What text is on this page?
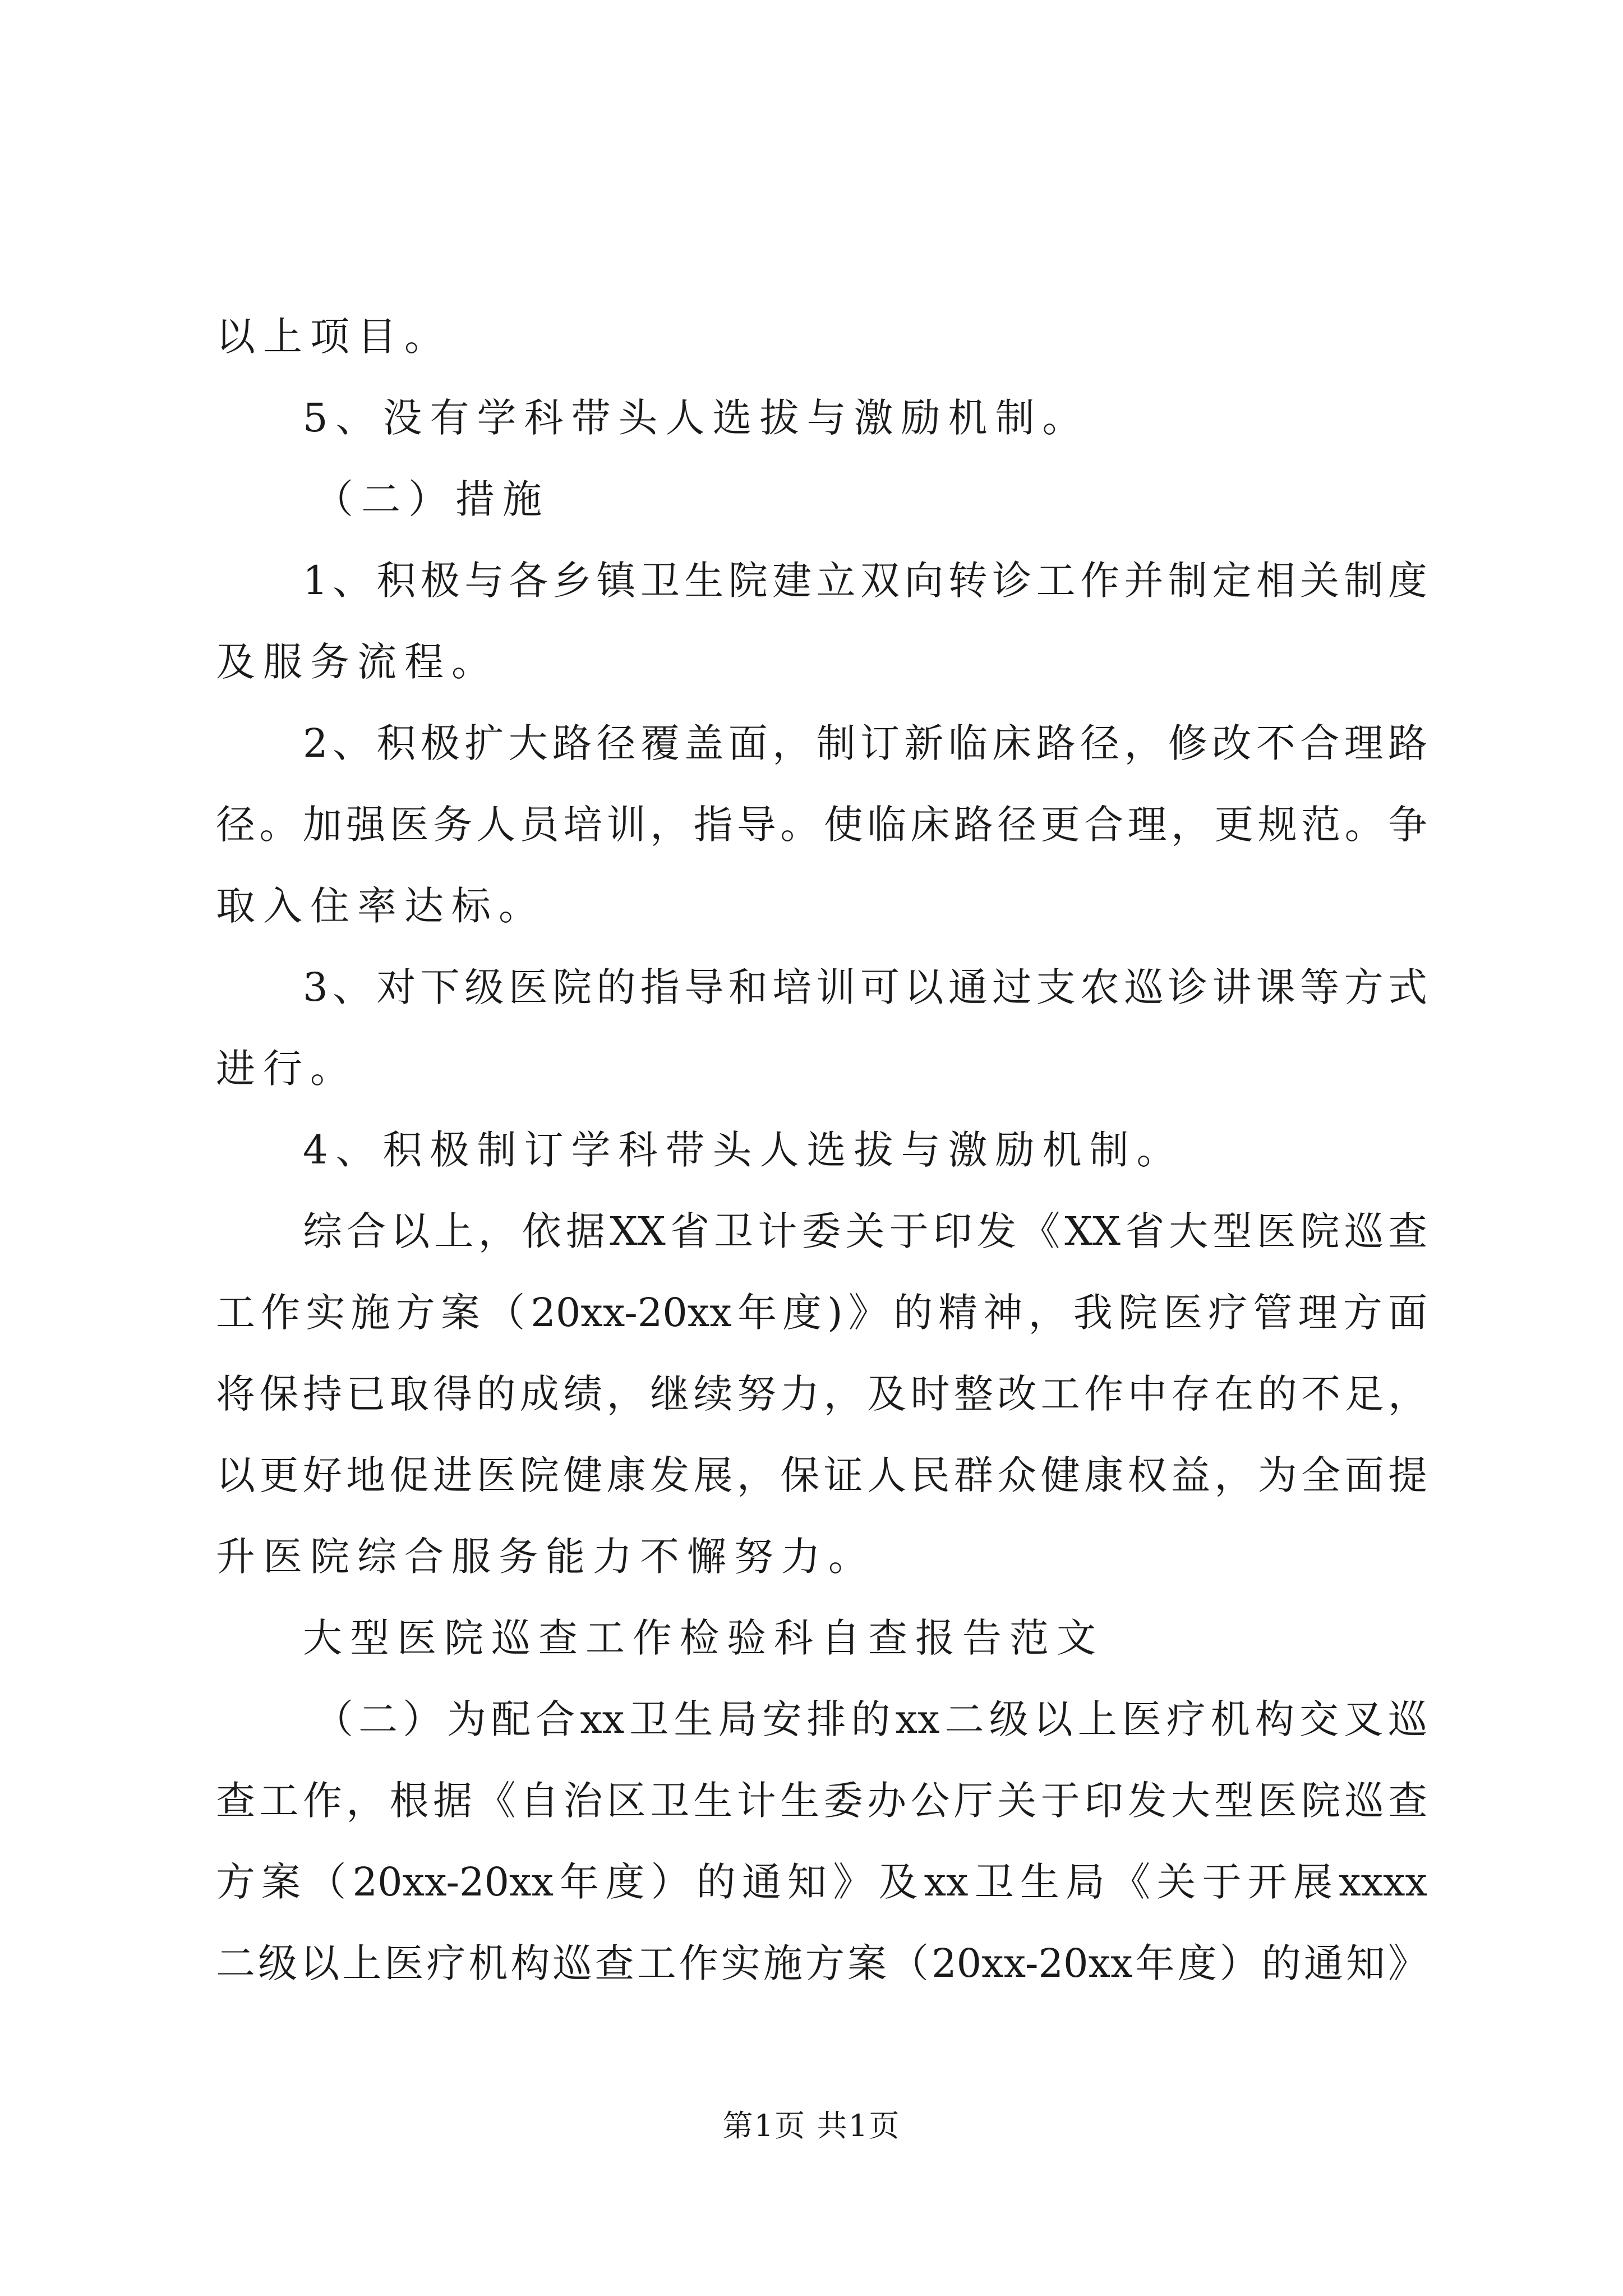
以上项目。
5、没有学科带头人选拔与激励机制。
（二）措施
1、积极与各乡镇卫生院建立双向转诊工作并制定相关制度
及服务流程。
2、积极扩大路径覆盖面，制订新临床路径，修改不合理路
径。加强医务人员培训，指导。使临床路径更合理，更规范。争
取入住率达标。
3、对下级医院的指导和培训可以通过支农巡诊讲课等方式
进行。
4、积极制订学科带头人选拔与激励机制。
综合以上，依据XX省卫计委关于印发《XX省大型医院巡查
工作实施方案（20xx-20xx年度)》的精神，我院医疗管理方面
将保持已取得的成绩，继续努力，及时整改工作中存在的不足，
以更好地促进医院健康发展，保证人民群众健康权益，为全面提
升医院综合服务能力不懈努力。
大型医院巡查工作检验科自查报告范文
（二）为配合xx卫生局安排的xx二级以上医疗机构交叉巡
查工作，根据《自治区卫生计生委办公厅关于印发大型医院巡查
方案（20xx-20xx年度）的通知》及xx卫生局《关于开展xxxx
二级以上医疗机构巡查工作实施方案（20xx-20xx年度）的通知》
第1页 共1页
